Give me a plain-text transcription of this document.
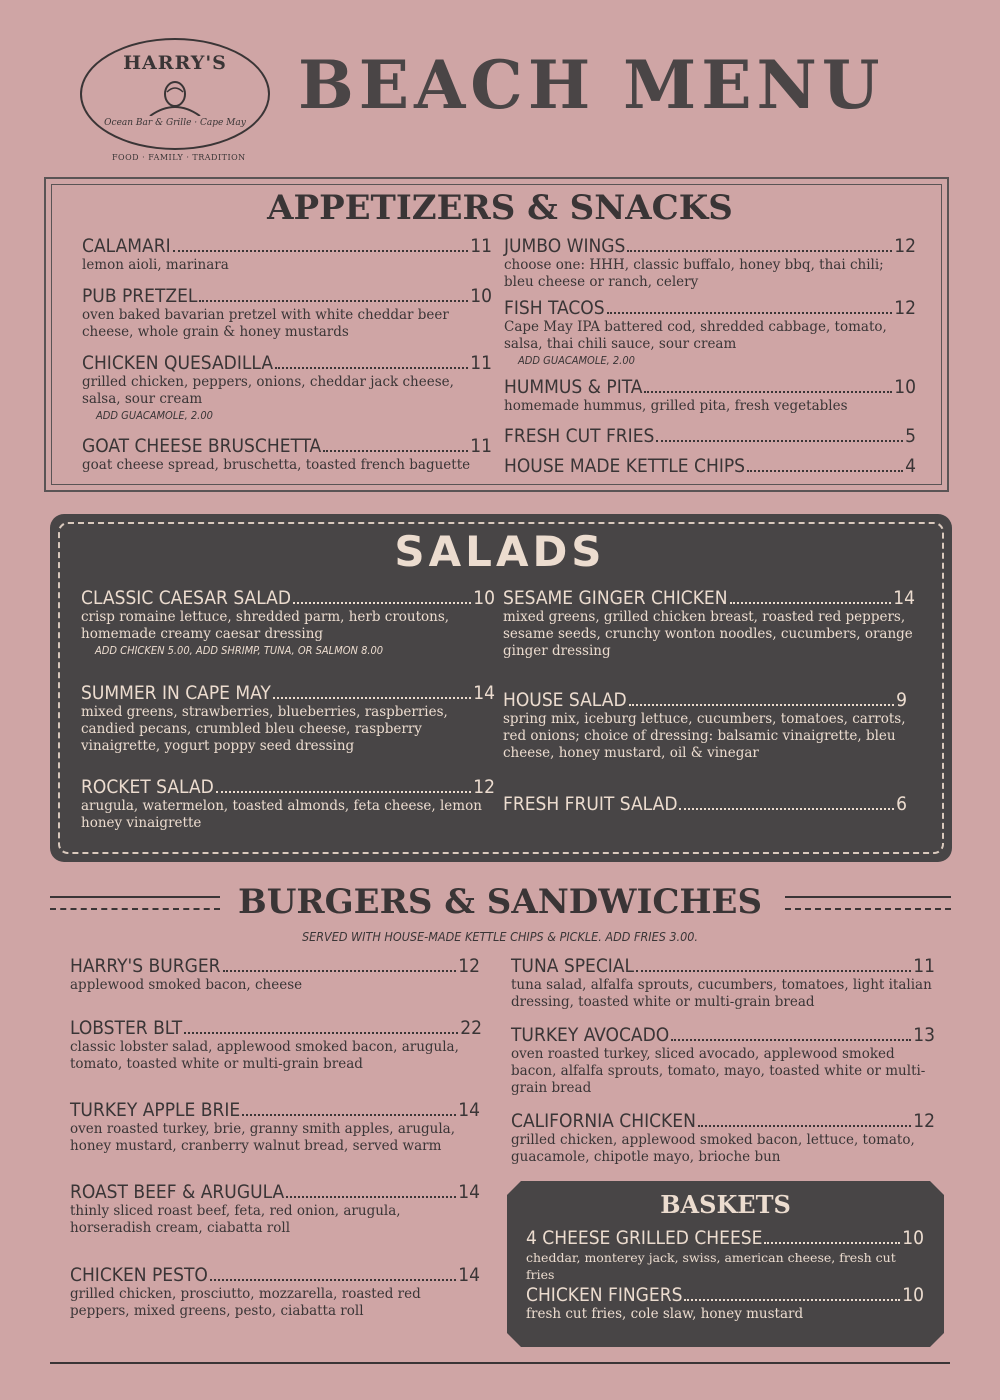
HARRY'S
Ocean Bar & Grille · Cape May
FOOD · FAMILY · TRADITION
BEACH MENU
APPETIZERS & SNACKS
CALAMARI	11
lemon aioli, marinara
PUB PRETZEL	10
oven baked bavarian pretzel with white cheddar beer cheese, whole grain & honey mustards
CHICKEN QUESADILLA	11
grilled chicken, peppers, onions, cheddar jack cheese, salsa, sour cream
ADD GUACAMOLE, 2.00
GOAT CHEESE BRUSCHETTA	11
goat cheese spread, bruschetta, toasted french baguette
JUMBO WINGS	12
choose one: HHH, classic buffalo, honey bbq, thai chili; bleu cheese or ranch, celery
FISH TACOS	12
Cape May IPA battered cod, shredded cabbage, tomato, salsa, thai chili sauce, sour cream
ADD GUACAMOLE, 2.00
HUMMUS & PITA	10
homemade hummus, grilled pita, fresh vegetables
FRESH CUT FRIES	5
HOUSE MADE KETTLE CHIPS	4
SALADS
CLASSIC CAESAR SALAD	10
crisp romaine lettuce, shredded parm, herb croutons, homemade creamy caesar dressing
ADD CHICKEN 5.00, ADD SHRIMP, TUNA, OR SALMON 8.00
SUMMER IN CAPE MAY	14
mixed greens, strawberries, blueberries, raspberries, candied pecans, crumbled bleu cheese, raspberry vinaigrette, yogurt poppy seed dressing
ROCKET SALAD	12
arugula, watermelon, toasted almonds, feta cheese, lemon honey vinaigrette
SESAME GINGER CHICKEN	14
mixed greens, grilled chicken breast, roasted red peppers, sesame seeds, crunchy wonton noodles, cucumbers, orange ginger dressing
HOUSE SALAD	9
spring mix, iceburg lettuce, cucumbers, tomatoes, carrots, red onions; choice of dressing: balsamic vinaigrette, bleu cheese, honey mustard, oil & vinegar
FRESH FRUIT SALAD	6
BURGERS & SANDWICHES
SERVED WITH HOUSE-MADE KETTLE CHIPS & PICKLE. ADD FRIES 3.00.
HARRY'S BURGER	12
applewood smoked bacon, cheese
LOBSTER BLT	22
classic lobster salad, applewood smoked bacon, arugula, tomato, toasted white or multi-grain bread
TURKEY APPLE BRIE	14
oven roasted turkey, brie, granny smith apples, arugula, honey mustard, cranberry walnut bread, served warm
ROAST BEEF & ARUGULA	14
thinly sliced roast beef, feta, red onion, arugula, horseradish cream, ciabatta roll
CHICKEN PESTO	14
grilled chicken, prosciutto, mozzarella, roasted red peppers, mixed greens, pesto, ciabatta roll
TUNA SPECIAL	11
tuna salad, alfalfa sprouts, cucumbers, tomatoes, light italian dressing, toasted white or multi-grain bread
TURKEY AVOCADO	13
oven roasted turkey, sliced avocado, applewood smoked bacon, alfalfa sprouts, tomato, mayo, toasted white or multi-grain bread
CALIFORNIA CHICKEN	12
grilled chicken, applewood smoked bacon, lettuce, tomato, guacamole, chipotle mayo, brioche bun
BASKETS
4 CHEESE GRILLED CHEESE	10
cheddar, monterey jack, swiss, american cheese, fresh cut fries
CHICKEN FINGERS	10
fresh cut fries, cole slaw, honey mustard
